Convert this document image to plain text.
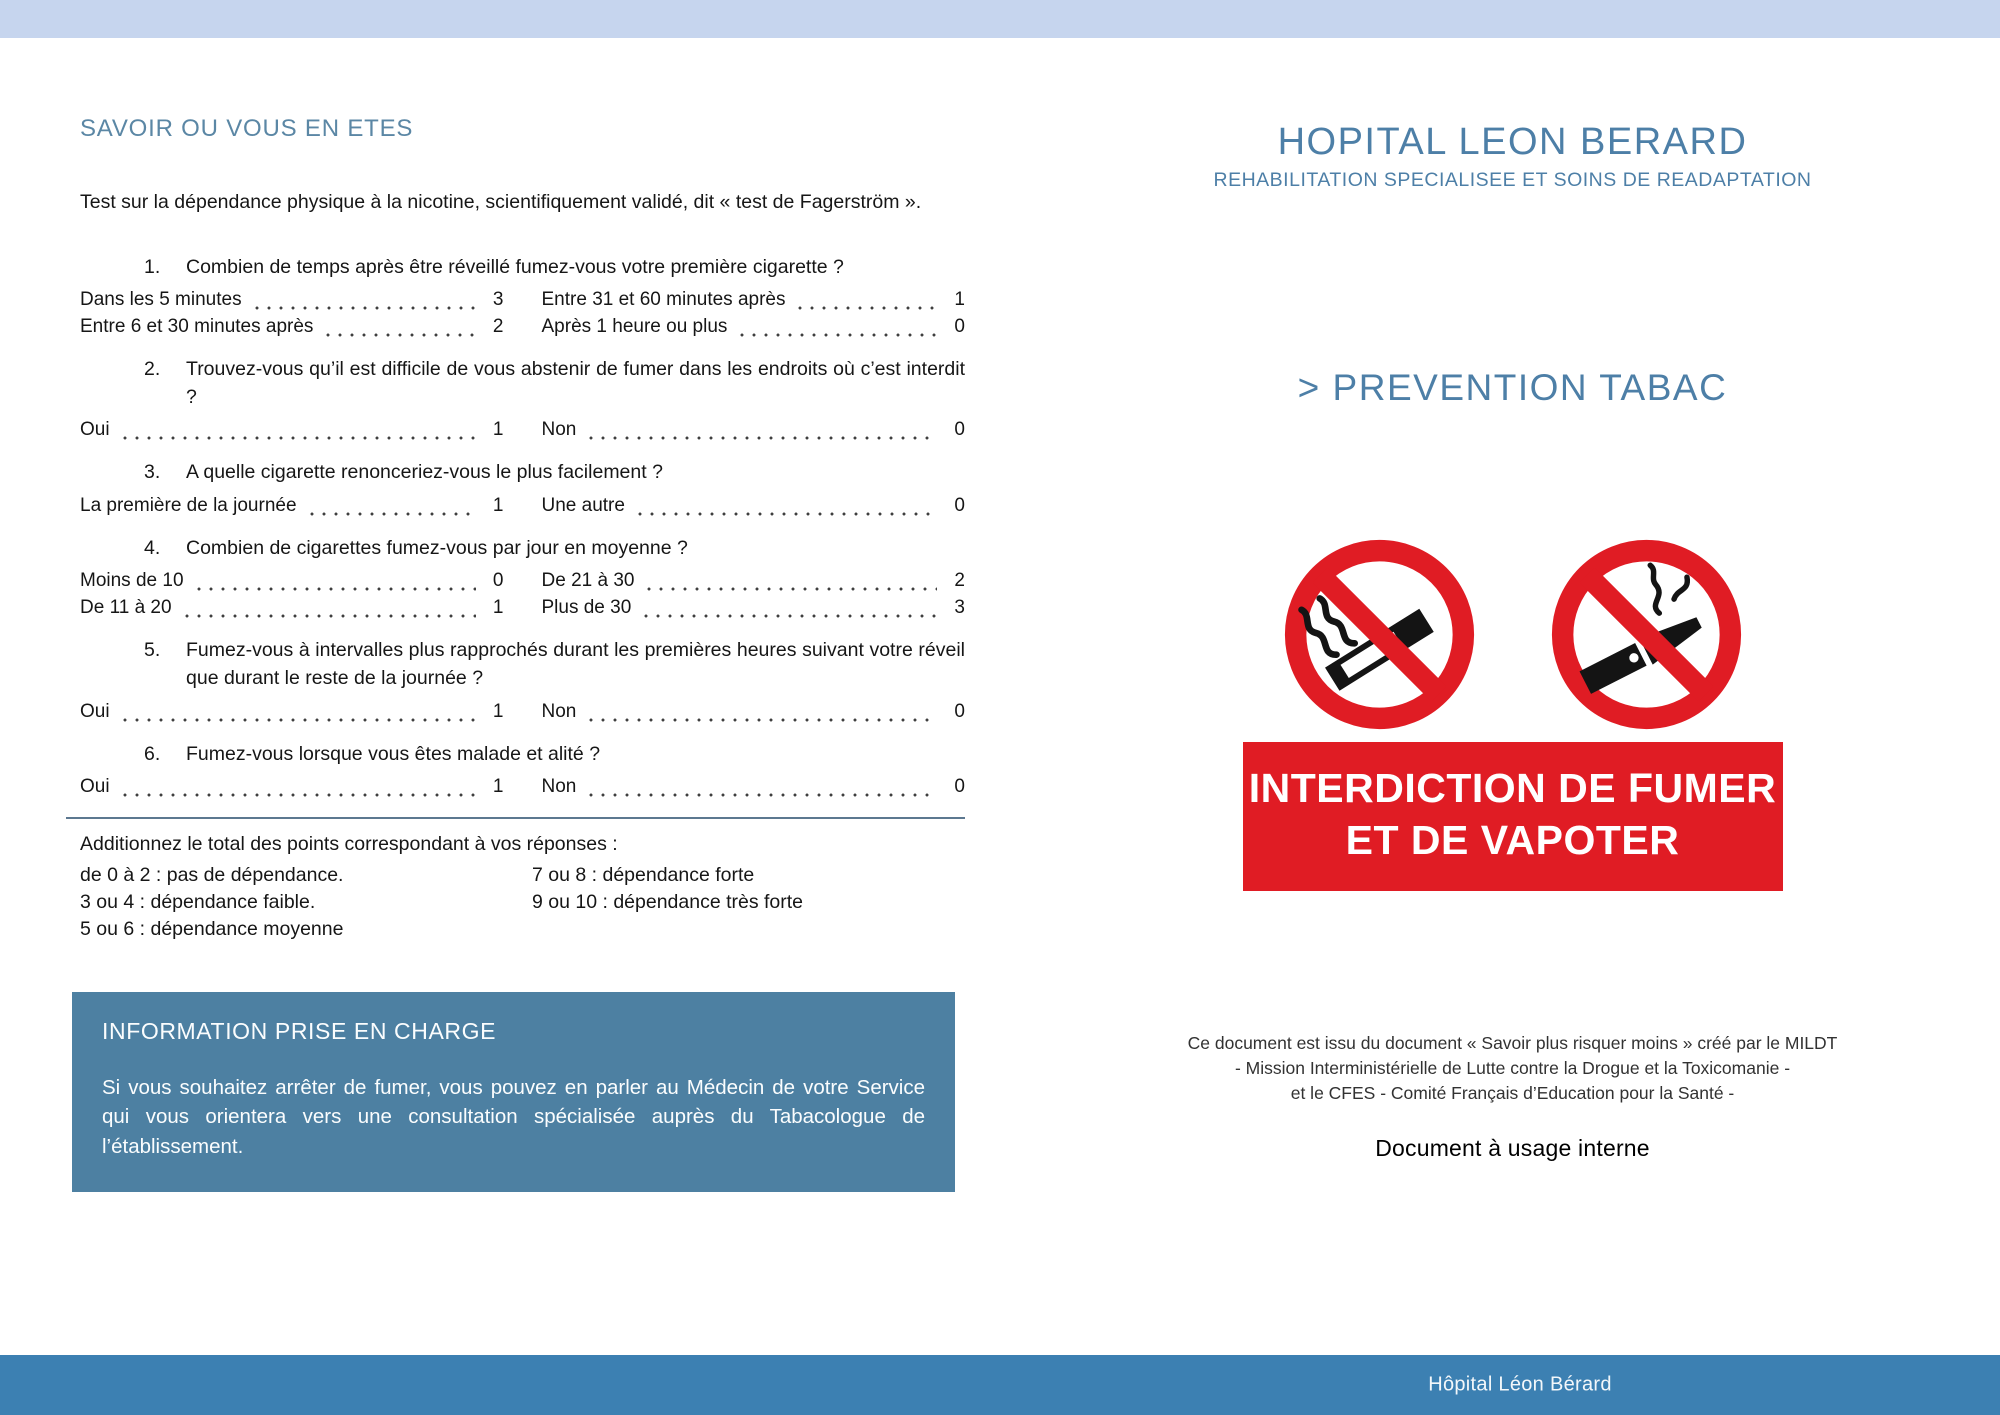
SAVOIR OU VOUS EN ETES

Test sur la dépendance physique à la nicotine, scientifiquement validé, dit « test de Fagerström ».

1.	Combien de temps après être réveillé fumez-vous votre première cigarette ?
Dans les 5 minutes	3 Entre 31 et 60 minutes après	1
Entre 6 et 30 minutes après	2 Après 1 heure ou plus	0
2.	Trouvez-vous qu’il est difficile de vous abstenir de fumer dans les endroits où c’est interdit ?
Oui	1 Non	0
3.	A quelle cigarette renonceriez-vous le plus facilement ?
La première de la journée	1 Une autre	0
4.	Combien de cigarettes fumez-vous par jour en moyenne ?
Moins de 10	0 De 21 à 30	2
De 11 à 20	1 Plus de 30	3
5.	Fumez-vous à intervalles plus rapprochés durant les premières heures suivant votre réveil que durant le reste de la journée ?
Oui	1 Non	0
6.	Fumez-vous lorsque vous êtes malade et alité ?
Oui	1 Non	0
Additionnez le total des points correspondant à vos réponses :
de 0 à 2 : pas de dépendance.
3 ou 4 : dépendance faible.
5 ou 6 : dépendance moyenne
7 ou 8 : dépendance forte
9 ou 10 : dépendance très forte
INFORMATION PRISE EN CHARGE
Si vous souhaitez arrêter de fumer, vous pouvez en parler au Médecin de votre Service qui vous orientera vers une consultation spécialisée auprès du Tabacologue de l’établissement.
HOPITAL LEON BERARD
REHABILITATION SPECIALISEE ET SOINS DE READAPTATION
> PREVENTION TABAC
INTERDICTION DE FUMER
ET DE VAPOTER
Ce document est issu du document « Savoir plus risquer moins » créé par le MILDT
- Mission Interministérielle de Lutte contre la Drogue et la Toxicomanie -
et le CFES - Comité Français d’Education pour la Santé -
Document à usage interne
Hôpital Léon Bérard
